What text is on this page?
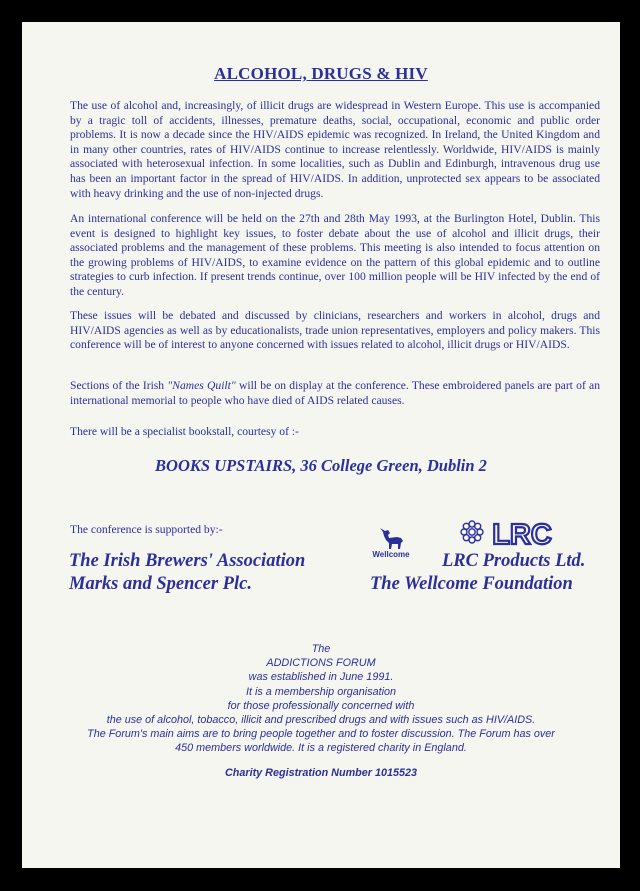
ALCOHOL, DRUGS & HIV

The use of alcohol and, increasingly, of illicit drugs are widespread in Western Europe. This use is accompanied by a tragic toll of accidents, illnesses, premature deaths, social, occupational, economic and public order problems. It is now a decade since the HIV/AIDS epidemic was recognized. In Ireland, the United Kingdom and in many other countries, rates of HIV/AIDS continue to increase relentlessly. Worldwide, HIV/AIDS is mainly associated with heterosexual infection. In some localities, such as Dublin and Edinburgh, intravenous drug use has been an important factor in the spread of HIV/AIDS. In addition, unprotected sex appears to be associated with heavy drinking and the use of non-injected drugs.

An international conference will be held on the 27th and 28th May 1993, at the Burlington Hotel, Dublin. This event is designed to highlight key issues, to foster debate about the use of alcohol and illicit drugs, their associated problems and the management of these problems. This meeting is also intended to focus attention on the growing problems of HIV/AIDS, to examine evidence on the pattern of this global epidemic and to outline strategies to curb infection. If present trends continue, over 100 million people will be HIV infected by the end of the century.

These issues will be debated and discussed by clinicians, researchers and workers in alcohol, drugs and HIV/AIDS agencies as well as by educationalists, trade union representatives, employers and policy makers. This conference will be of interest to anyone concerned with issues related to alcohol, illicit drugs or HIV/AIDS.

Sections of the Irish "Names Quilt" will be on display at the conference. These embroidered panels are part of an international memorial to people who have died of AIDS related causes.

There will be a specialist bookstall, courtesy of :-

BOOKS UPSTAIRS, 36 College Green, Dublin 2
The conference is supported by:-
The Irish Brewers' Association
Marks and Spencer Plc.
Wellcome
LRC
LRC Products Ltd.
The Wellcome Foundation
The
ADDICTIONS FORUM
was established in June 1991.
It is a membership organisation
for those professionally concerned with
the use of alcohol, tobacco, illicit and prescribed drugs and with issues such as HIV/AIDS.
The Forum's main aims are to bring people together and to foster discussion. The Forum has over
450 members worldwide. It is a registered charity in England.
Charity Registration Number 1015523
